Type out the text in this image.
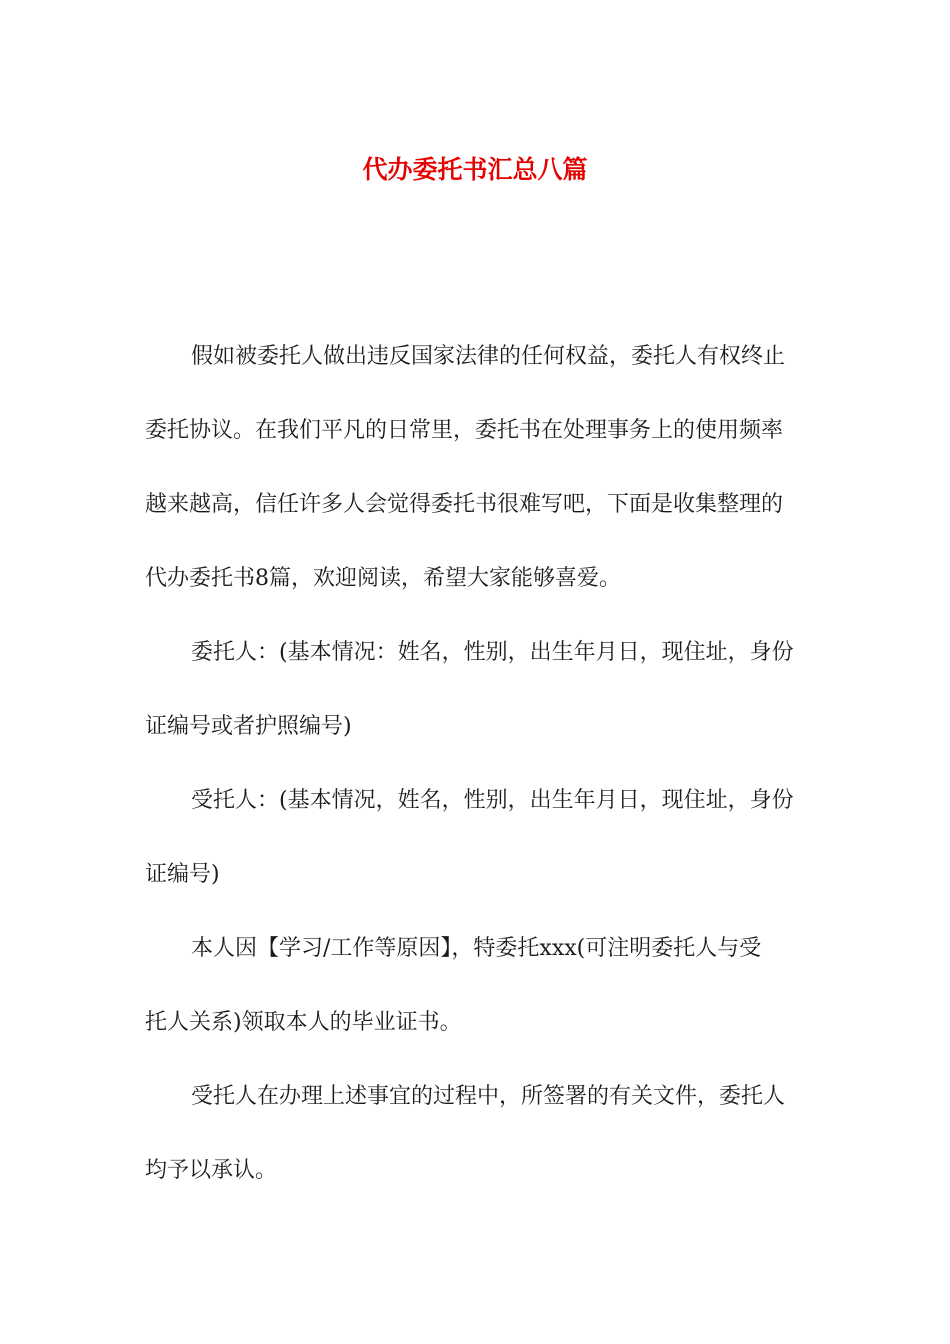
代办委托书汇总八篇

假如被委托人做出违反国家法律的任何权益，委托人有权终止
委托协议。在我们平凡的日常里，委托书在处理事务上的使用频率
越来越高，信任许多人会觉得委托书很难写吧，下面是收集整理的
代办委托书8篇，欢迎阅读，希望大家能够喜爱。

委托人：(基本情况：姓名，性别，出生年月日，现住址，身份
证编号或者护照编号)

受托人：(基本情况，姓名，性别，出生年月日，现住址，身份
证编号)

本人因【学习/工作等原因】，特委托xxx(可注明委托人与受
托人关系)领取本人的毕业证书。

受托人在办理上述事宜的过程中，所签署的有关文件，委托人
均予以承认。
